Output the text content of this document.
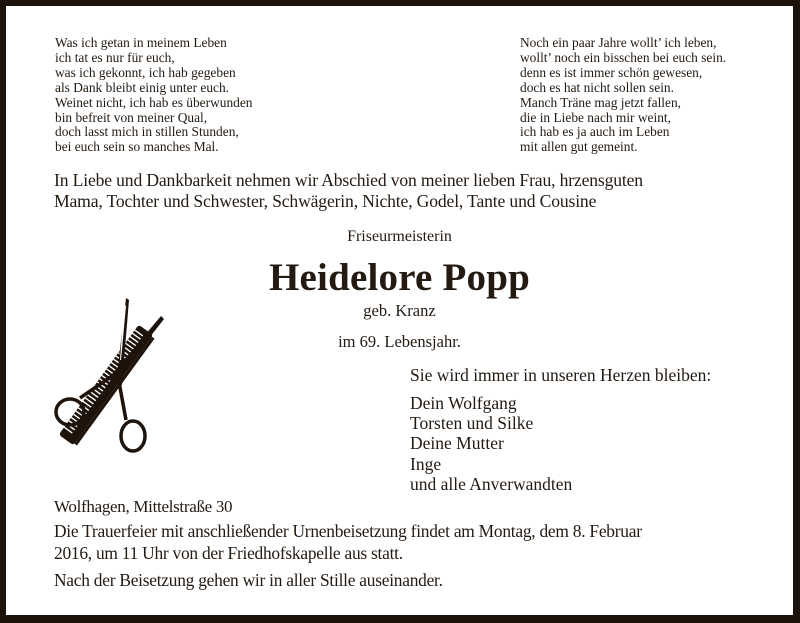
Was ich getan in meinem Leben
ich tat es nur für euch,
was ich gekonnt, ich hab gegeben
als Dank bleibt einig unter euch.
Weinet nicht, ich hab es überwunden
bin befreit von meiner Qual,
doch lasst mich in stillen Stunden,
bei euch sein so manches Mal.
Noch ein paar Jahre wollt’ ich leben,
wollt’ noch ein bisschen bei euch sein.
denn es ist immer schön gewesen,
doch es hat nicht sollen sein.
Manch Träne mag jetzt fallen,
die in Liebe nach mir weint,
ich hab es ja auch im Leben
mit allen gut gemeint.
In Liebe und Dankbarkeit nehmen wir Abschied von meiner lieben Frau, hrzensguten
Mama, Tochter und Schwester, Schwägerin, Nichte, Godel, Tante und Cousine
Friseurmeisterin
Heidelore Popp
geb. Kranz
im 69. Lebensjahr.
Sie wird immer in unseren Herzen bleiben:
Dein Wolfgang
Torsten und Silke
Deine Mutter
Inge
und alle Anverwandten
Wolfhagen, Mittelstraße 30
Die Trauerfeier mit anschließender Urnenbeisetzung findet am Montag, dem 8. Februar
2016, um 11 Uhr von der Friedhofskapelle aus statt.
Nach der Beisetzung gehen wir in aller Stille auseinander.
